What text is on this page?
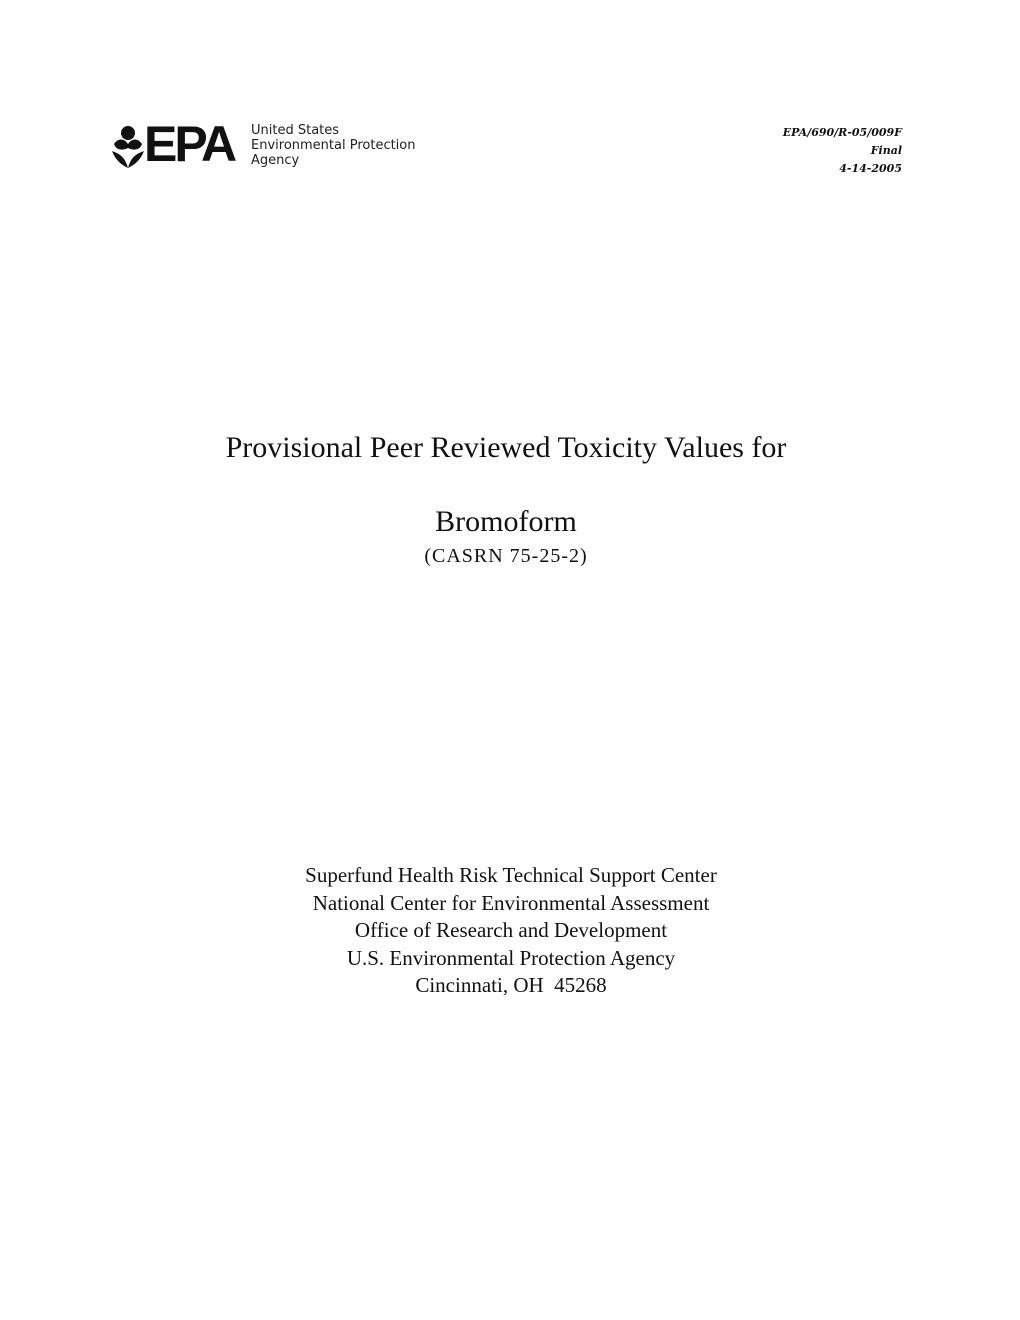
EPA United States
Environmental Protection
Agency
EPA/690/R-05/009F
Final
4-14-2005
Provisional Peer Reviewed Toxicity Values for
Bromoform
(CASRN 75-25-2)
Superfund Health Risk Technical Support Center
National Center for Environmental Assessment
Office of Research and Development
U.S. Environmental Protection Agency
Cincinnati, OH  45268
